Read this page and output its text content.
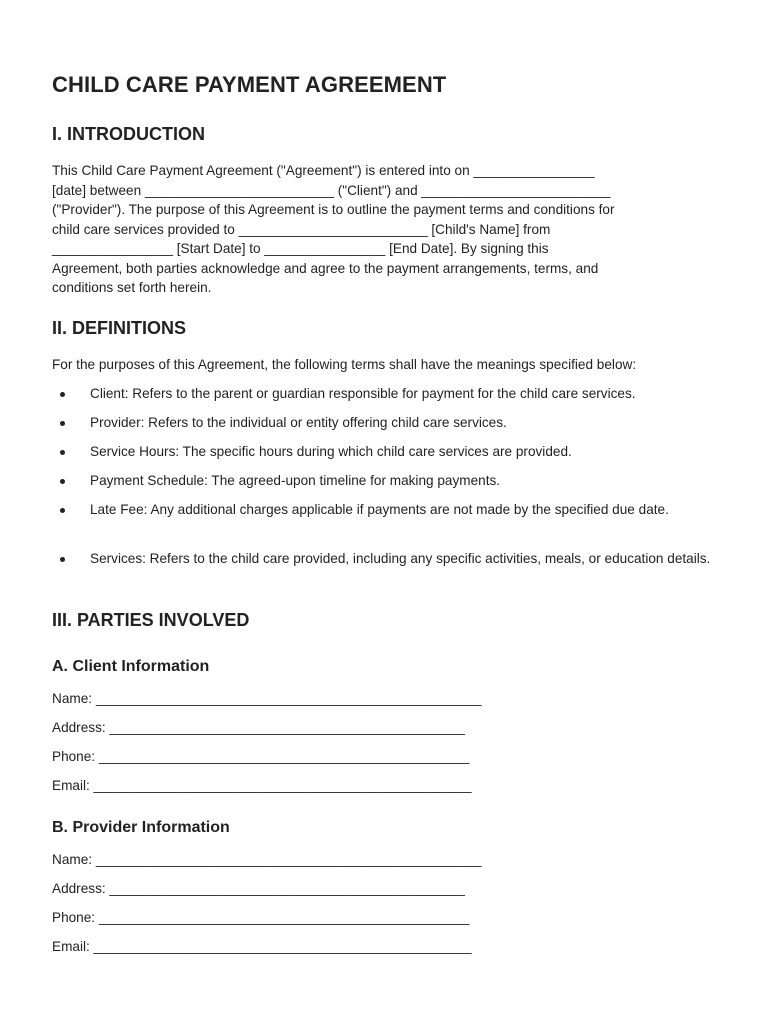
CHILD CARE PAYMENT AGREEMENT
I. INTRODUCTION

This Child Care Payment Agreement ("Agreement") is entered into on ________________
[date] between _________________________ ("Client") and _________________________
("Provider"). The purpose of this Agreement is to outline the payment terms and conditions for
child care services provided to _________________________ [Child's Name] from
________________ [Start Date] to ________________ [End Date]. By signing this
Agreement, both parties acknowledge and agree to the payment arrangements, terms, and
conditions set forth herein.

II. DEFINITIONS

For the purposes of this Agreement, the following terms shall have the meanings specified below:

Client: Refers to the parent or guardian responsible for payment for the child care services.
Provider: Refers to the individual or entity offering child care services.
Service Hours: The specific hours during which child care services are provided.
Payment Schedule: The agreed-upon timeline for making payments.
Late Fee: Any additional charges applicable if payments are not made by the specified due date.
Services: Refers to the child care provided, including any specific activities, meals, or education details.
III. PARTIES INVOLVED
A. Client Information
Name: ___________________________________________________
Address: _______________________________________________
Phone: _________________________________________________
Email: __________________________________________________
B. Provider Information
Name: ___________________________________________________
Address: _______________________________________________
Phone: _________________________________________________
Email: __________________________________________________
